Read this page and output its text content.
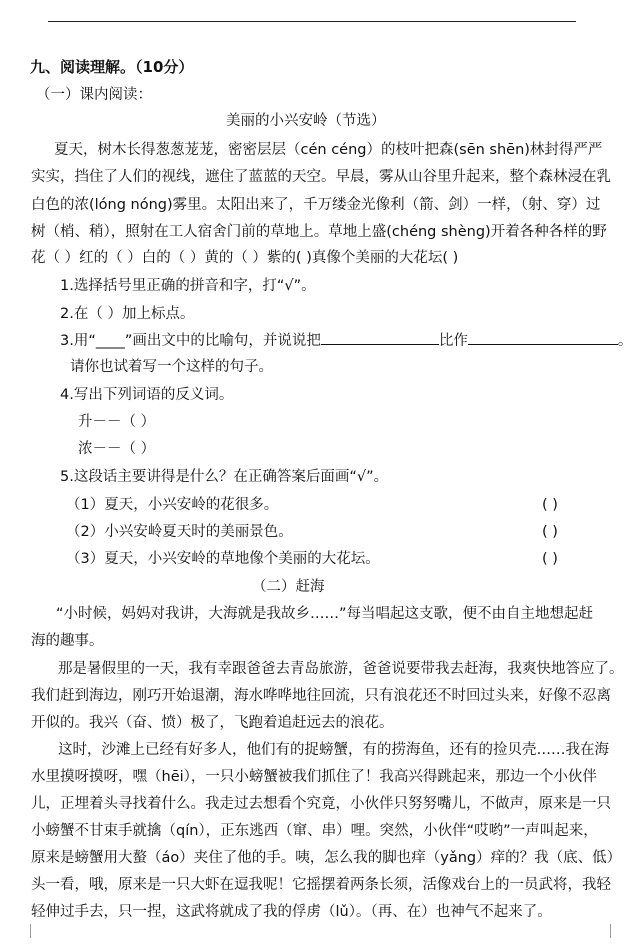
九、阅读理解。（10分）
（一）课内阅读：
美丽的小兴安岭（节选）
夏天，树木长得葱葱茏茏，密密层层（cén céng）的枝叶把森(sēn shēn)林封得严严
实实，挡住了人们的视线，遮住了蓝蓝的天空。早晨，雾从山谷里升起来，整个森林浸在乳
白色的浓(lóng nóng)雾里。太阳出来了，千万缕金光像利（箭、剑）一样，（射、穿）过
树（梢、稍），照射在工人宿舍门前的草地上。草地上盛(chéng shèng)开着各种各样的野
花（ ）红的（ ）白的（ ）黄的（ ）紫的( )真像个美丽的大花坛( )
1.选择括号里正确的拼音和字，打“√”。
2.在（ ）加上标点。
3.用“____”画出文中的比喻句，并说说把	比作	。
请你也试着写一个这样的句子。
4.写出下列词语的反义词。
升－－（ ）
浓－－（ ）
5.这段话主要讲得是什么？在正确答案后面画“√”。
（1）夏天，小兴安岭的花很多。	( )
（2）小兴安岭夏天时的美丽景色。	( )
（3）夏天，小兴安岭的草地像个美丽的大花坛。	( )
（二）赶海
“小时候，妈妈对我讲，大海就是我故乡……”每当唱起这支歌，便不由自主地想起赶
海的趣事。
那是暑假里的一天，我有幸跟爸爸去青岛旅游，爸爸说要带我去赶海，我爽快地答应了。
我们赶到海边，刚巧开始退潮，海水哗哗地往回流，只有浪花还不时回过头来，好像不忍离
开似的。我兴（奋、愤）极了，飞跑着追赶远去的浪花。
这时，沙滩上已经有好多人，他们有的捉螃蟹，有的捞海鱼，还有的捡贝壳……我在海
水里摸呀摸呀，嘿（hēi），一只小螃蟹被我们抓住了！我高兴得跳起来，那边一个小伙伴
儿，正埋着头寻找着什么。我走过去想看个究竟，小伙伴只努努嘴儿，不做声，原来是一只
小螃蟹不甘束手就擒（qín），正东逃西（窜、串）哩。突然，小伙伴“哎哟”一声叫起来，
原来是螃蟹用大螯（áo）夹住了他的手。咦，怎么我的脚也痒（yǎng）痒的？我（底、低）
头一看，哦，原来是一只大虾在逗我呢！它摇摆着两条长须，活像戏台上的一员武将，我轻
轻伸过手去，只一捏，这武将就成了我的俘虏（lǔ）。（再、在）也神气不起来了。
